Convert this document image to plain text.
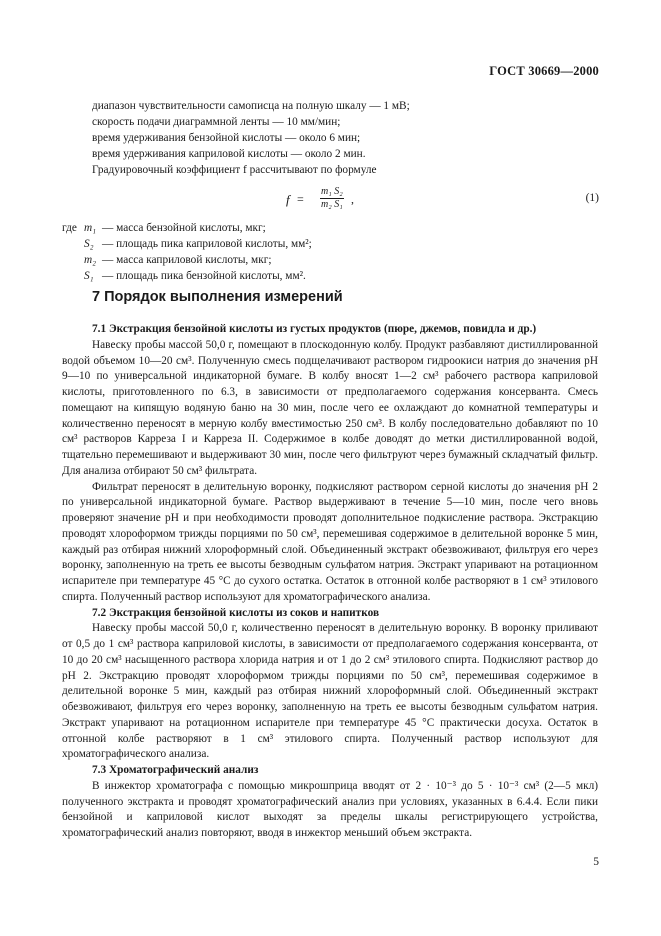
ГОСТ 30669—2000
диапазон чувствительности самописца на полную шкалу — 1 мВ;
скорость подачи диаграммной ленты — 10 мм/мин;
время удерживания бензойной кислоты — около 6 мин;
время удерживания каприловой кислоты — около 2 мин.
Градуировочный коэффициент f рассчитывают по формуле
$f = \frac{\text{m₁ S₂}}{\text{m₂ S₁}}$ ,	(1)
где m₁ — масса бензойной кислоты, мкг;
S₂ — площадь пика каприловой кислоты, мм²;
m₂ — масса каприловой кислоты, мкг;
S₁ — площадь пика бензойной кислоты, мм².
7 Порядок выполнения измерений

7.1 Экстракция бензойной кислоты из густых продуктов (пюре, джемов, повидла и др.)

Навеску пробы массой 50,0 г, помещают в плоскодонную колбу. Продукт разбавляют дистиллированной водой объемом 10—20 см³. Полученную смесь подщелачивают раствором гидроокиси натрия до значения pH 9—10 по универсальной индикаторной бумаге. В колбу вносят 1—2 см³ рабочего раствора каприловой кислоты, приготовленного по 6.3, в зависимости от предполагаемого содержания консерванта. Смесь помещают на кипящую водяную баню на 30 мин, после чего ее охлаждают до комнатной температуры и количественно переносят в мерную колбу вместимостью 250 см³. В колбу последовательно добавляют по 10 см³ растворов Карреза I и Карреза II. Содержимое в колбе доводят до метки дистиллированной водой, тщательно перемешивают и выдерживают 30 мин, после чего фильтруют через бумажный складчатый фильтр. Для анализа отбирают 50 см³ фильтрата.

Фильтрат переносят в делительную воронку, подкисляют раствором серной кислоты до значения pH 2 по универсальной индикаторной бумаге. Раствор выдерживают в течение 5—10 мин, после чего вновь проверяют значение pH и при необходимости проводят дополнительное подкисление раствора. Экстракцию проводят хлороформом трижды порциями по 50 см³, перемешивая содержимое в делительной воронке 5 мин, каждый раз отбирая нижний хлороформный слой. Объединенный экстракт обезвоживают, фильтруя его через воронку, заполненную на треть ее высоты безводным сульфатом натрия. Экстракт упаривают на ротационном испарителе при температуре 45 °С до сухого остатка. Остаток в отгонной колбе растворяют в 1 см³ этилового спирта. Полученный раствор используют для хроматографического анализа.

7.2 Экстракция бензойной кислоты из соков и напитков

Навеску пробы массой 50,0 г, количественно переносят в делительную воронку. В воронку приливают от 0,5 до 1 см³ раствора каприловой кислоты, в зависимости от предполагаемого содержания консерванта, от 10 до 20 см³ насыщенного раствора хлорида натрия и от 1 до 2 см³ этилового спирта. Подкисляют раствор до pH 2. Экстракцию проводят хлороформом трижды порциями по 50 см³, перемешивая содержимое в делительной воронке 5 мин, каждый раз отбирая нижний хлороформный слой. Объединенный экстракт обезвоживают, фильтруя его через воронку, заполненную на треть ее высоты безводным сульфатом натрия. Экстракт упаривают на ротационном испарителе при температуре 45 °С практически досуха. Остаток в отгонной колбе растворяют в 1 см³ этилового спирта. Полученный раствор используют для хроматографического анализа.

7.3 Хроматографический анализ

В инжектор хроматографа с помощью микрошприца вводят от 2 · 10⁻³ до 5 · 10⁻³ см³ (2—5 мкл) полученного экстракта и проводят хроматографический анализ при условиях, указанных в 6.4.4. Если пики бензойной и каприловой кислот выходят за пределы шкалы регистрирующего устройства, хроматографический анализ повторяют, вводя в инжектор меньший объем экстракта.

5
